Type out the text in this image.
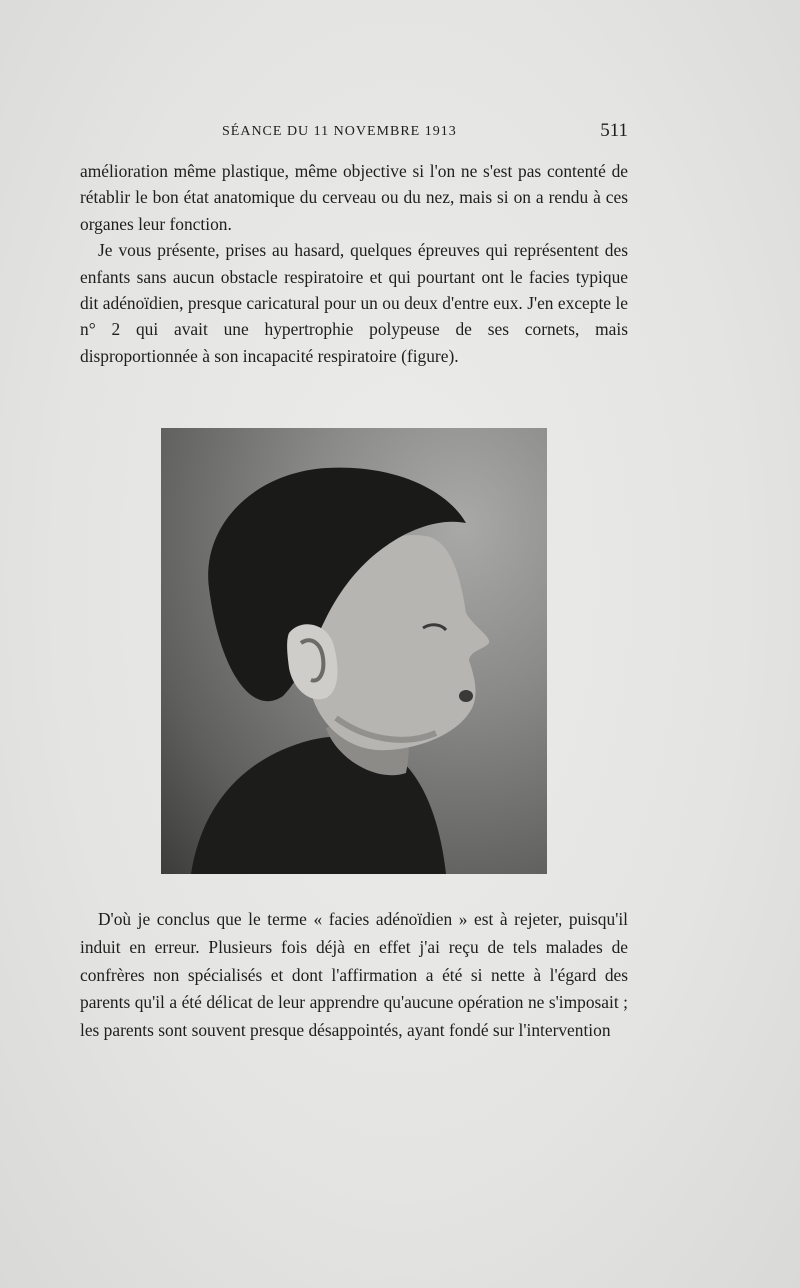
SÉANCE DU 11 NOVEMBRE 1913	511

amélioration même plastique, même objective si l'on ne s'est pas contenté de rétablir le bon état anatomique du cerveau ou du nez, mais si on a rendu à ces organes leur fonction.

Je vous présente, prises au hasard, quelques épreuves qui représentent des enfants sans aucun obstacle respiratoire et qui pourtant ont le facies typique dit adénoïdien, presque caricatural pour un ou deux d'entre eux. J'en excepte le n° 2 qui avait une hypertrophie polypeuse de ses cornets, mais disproportionnée à son incapacité respiratoire (figure).

D'où je conclus que le terme « facies adénoïdien » est à rejeter, puisqu'il induit en erreur. Plusieurs fois déjà en effet j'ai reçu de tels malades de confrères non spécialisés et dont l'affirmation a été si nette à l'égard des parents qu'il a été délicat de leur apprendre qu'aucune opération ne s'imposait ; les parents sont souvent presque désappointés, ayant fondé sur l'intervention
